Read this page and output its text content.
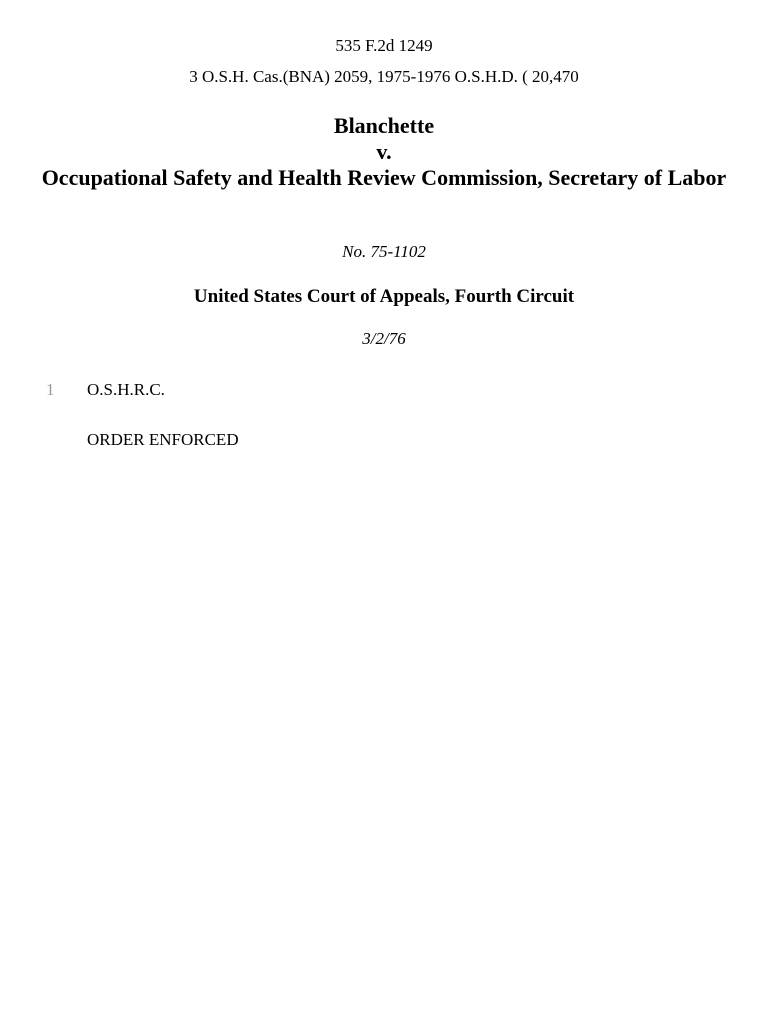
535 F.2d 1249
3 O.S.H. Cas.(BNA) 2059, 1975-1976 O.S.H.D. ( 20,470
Blanchette
v.
Occupational Safety and Health Review Commission, Secretary of Labor
No. 75-1102
United States Court of Appeals, Fourth Circuit
3/2/76
1 O.S.H.R.C.
ORDER ENFORCED
